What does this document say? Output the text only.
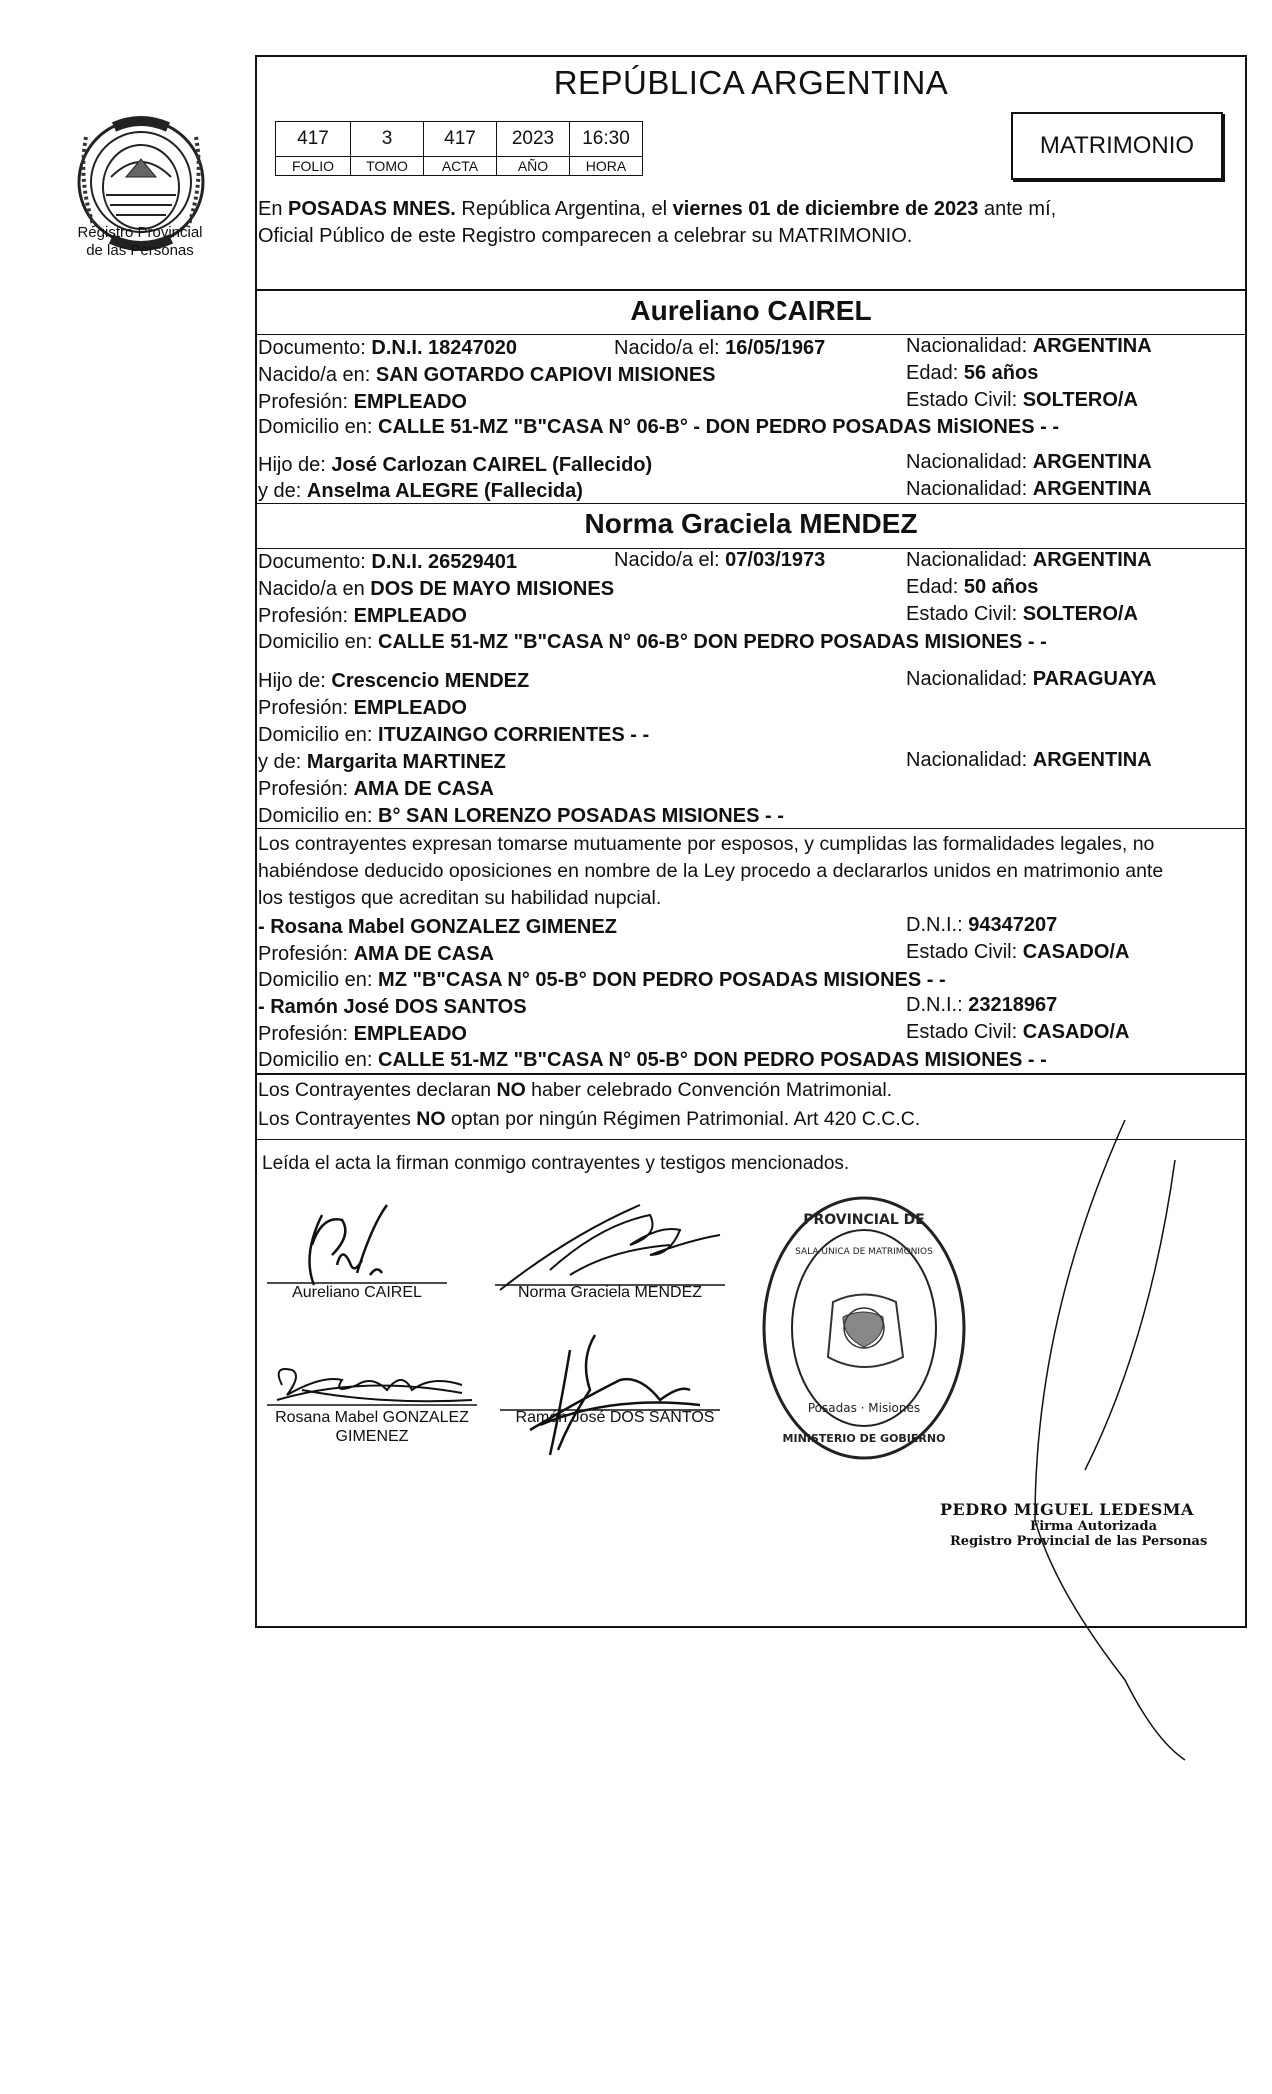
Registro Provincial
de las Personas
REPÚBLICA ARGENTINA
417	3	417	2023	16:30
FOLIO	TOMO	ACTA	AÑO	HORA
MATRIMONIO
En POSADAS MNES. República Argentina, el viernes 01 de diciembre de 2023 ante mí,
Oficial Público de este Registro comparecen a celebrar su MATRIMONIO.
Aureliano CAIREL
Documento: D.N.I. 18247020	Nacido/a el: 16/05/1967	Nacionalidad: ARGENTINA
Nacido/a en: SAN GOTARDO CAPIOVI MISIONES	Edad: 56 años
Profesión: EMPLEADO	Estado Civil: SOLTERO/A
Domicilio en: CALLE 51-MZ "B"CASA N° 06-B° - DON PEDRO POSADAS MiSIONES - -
Hijo de: José Carlozan CAIREL (Fallecido)	Nacionalidad: ARGENTINA
y de: Anselma ALEGRE (Fallecida)	Nacionalidad: ARGENTINA
Norma Graciela MENDEZ
Documento: D.N.I. 26529401	Nacido/a el: 07/03/1973	Nacionalidad: ARGENTINA
Nacido/a en DOS DE MAYO MISIONES	Edad: 50 años
Profesión: EMPLEADO	Estado Civil: SOLTERO/A
Domicilio en: CALLE 51-MZ "B"CASA N° 06-B° DON PEDRO POSADAS MISIONES - -
Hijo de: Crescencio MENDEZ	Nacionalidad: PARAGUAYA
Profesión: EMPLEADO
Domicilio en: ITUZAINGO CORRIENTES - -
y de: Margarita MARTINEZ	Nacionalidad: ARGENTINA
Profesión: AMA DE CASA
Domicilio en: B° SAN LORENZO POSADAS MISIONES - -
Los contrayentes expresan tomarse mutuamente por esposos, y cumplidas las formalidades legales, no
habiéndose deducido oposiciones en nombre de la Ley procedo a declararlos unidos en matrimonio ante
los testigos que acreditan su habilidad nupcial.
- Rosana Mabel GONZALEZ GIMENEZ	D.N.I.: 94347207
Profesión: AMA DE CASA	Estado Civil: CASADO/A
Domicilio en: MZ "B"CASA N° 05-B° DON PEDRO POSADAS MISIONES - -
- Ramón José DOS SANTOS	D.N.I.: 23218967
Profesión: EMPLEADO	Estado Civil: CASADO/A
Domicilio en: CALLE 51-MZ "B"CASA N° 05-B° DON PEDRO POSADAS MISIONES - -
Los Contrayentes declaran NO haber celebrado Convención Matrimonial.
Los Contrayentes NO optan por ningún Régimen Patrimonial. Art 420 C.C.C.
Leída el acta la firman conmigo contrayentes y testigos mencionados.
Aureliano CAIREL	Norma Graciela MENDEZ
Rosana Mabel GONZALEZ
GIMENEZ
Ramón José DOS SANTOS
PROVINCIAL DE
MINISTERIO DE GOBIERNO
Posadas · Misiones
SALA UNICA DE MATRIMONIOS
PEDRO MIGUEL LEDESMA
Firma Autorizada
Registro Provincial de las Personas
